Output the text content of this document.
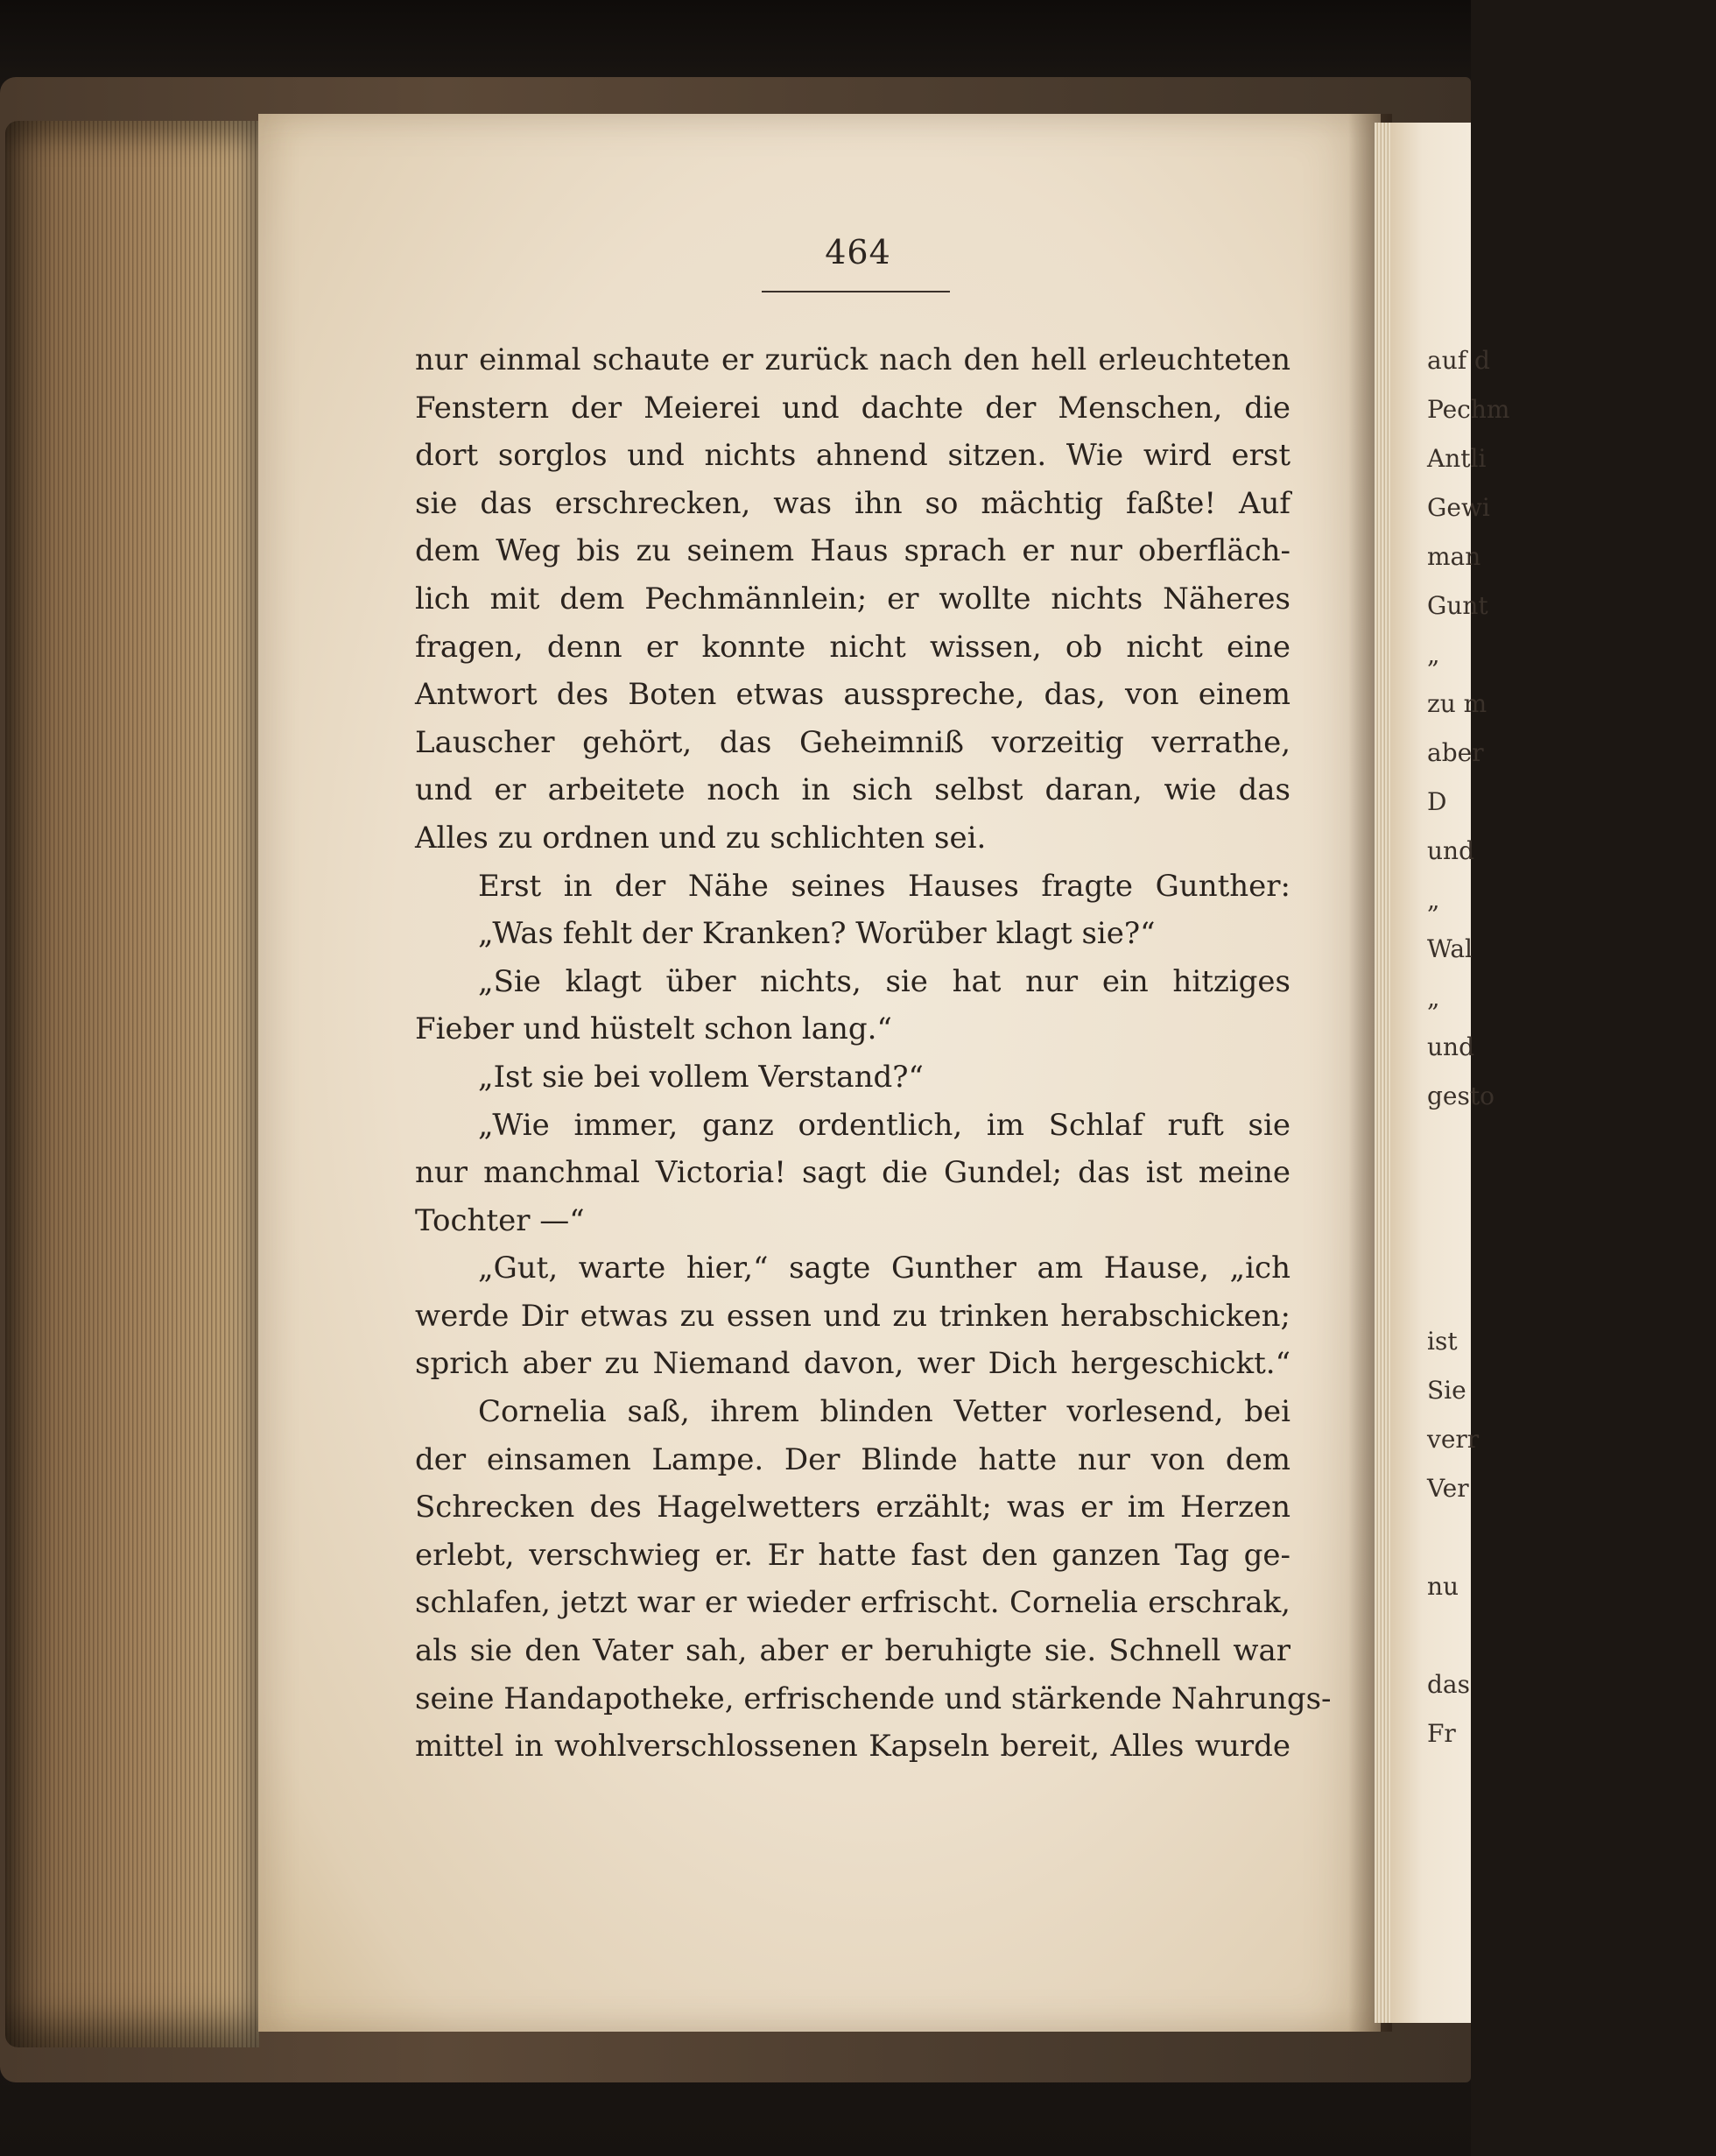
464
nur einmal schaute er zurück nach den hell erleuchteten
Fenstern der Meierei und dachte der Menschen, die
dort sorglos und nichts ahnend sitzen. Wie wird erst
sie das erschrecken, was ihn so mächtig faßte! Auf
dem Weg bis zu seinem Haus sprach er nur oberfläch-
lich mit dem Pechmännlein; er wollte nichts Näheres
fragen, denn er konnte nicht wissen, ob nicht eine
Antwort des Boten etwas ausspreche, das, von einem
Lauscher gehört, das Geheimniß vorzeitig verrathe,
und er arbeitete noch in sich selbst daran, wie das
Alles zu ordnen und zu schlichten sei.
Erst in der Nähe seines Hauses fragte Gunther:
„Was fehlt der Kranken? Worüber klagt sie?“
„Sie klagt über nichts, sie hat nur ein hitziges
Fieber und hüstelt schon lang.“
„Ist sie bei vollem Verstand?“
„Wie immer, ganz ordentlich, im Schlaf ruft sie
nur manchmal Victoria! sagt die Gundel; das ist meine
Tochter —“
„Gut, warte hier,“ sagte Gunther am Hause, „ich
werde Dir etwas zu essen und zu trinken herabschicken;
sprich aber zu Niemand davon, wer Dich hergeschickt.“
Cornelia saß, ihrem blinden Vetter vorlesend, bei
der einsamen Lampe. Der Blinde hatte nur von dem
Schrecken des Hagelwetters erzählt; was er im Herzen
erlebt, verschwieg er. Er hatte fast den ganzen Tag ge-
schlafen, jetzt war er wieder erfrischt. Cornelia erschrak,
als sie den Vater sah, aber er beruhigte sie. Schnell war
seine Handapotheke, erfrischende und stärkende Nahrungs-
mittel in wohlverschlossenen Kapseln bereit, Alles wurde
auf d
Pechm
Antli
Gewi
man
Gunt
„
zu m
aber
D
und
„
Wal
„
und
gesto
ist
Sie
verr
Ver
nu
das
Fr
